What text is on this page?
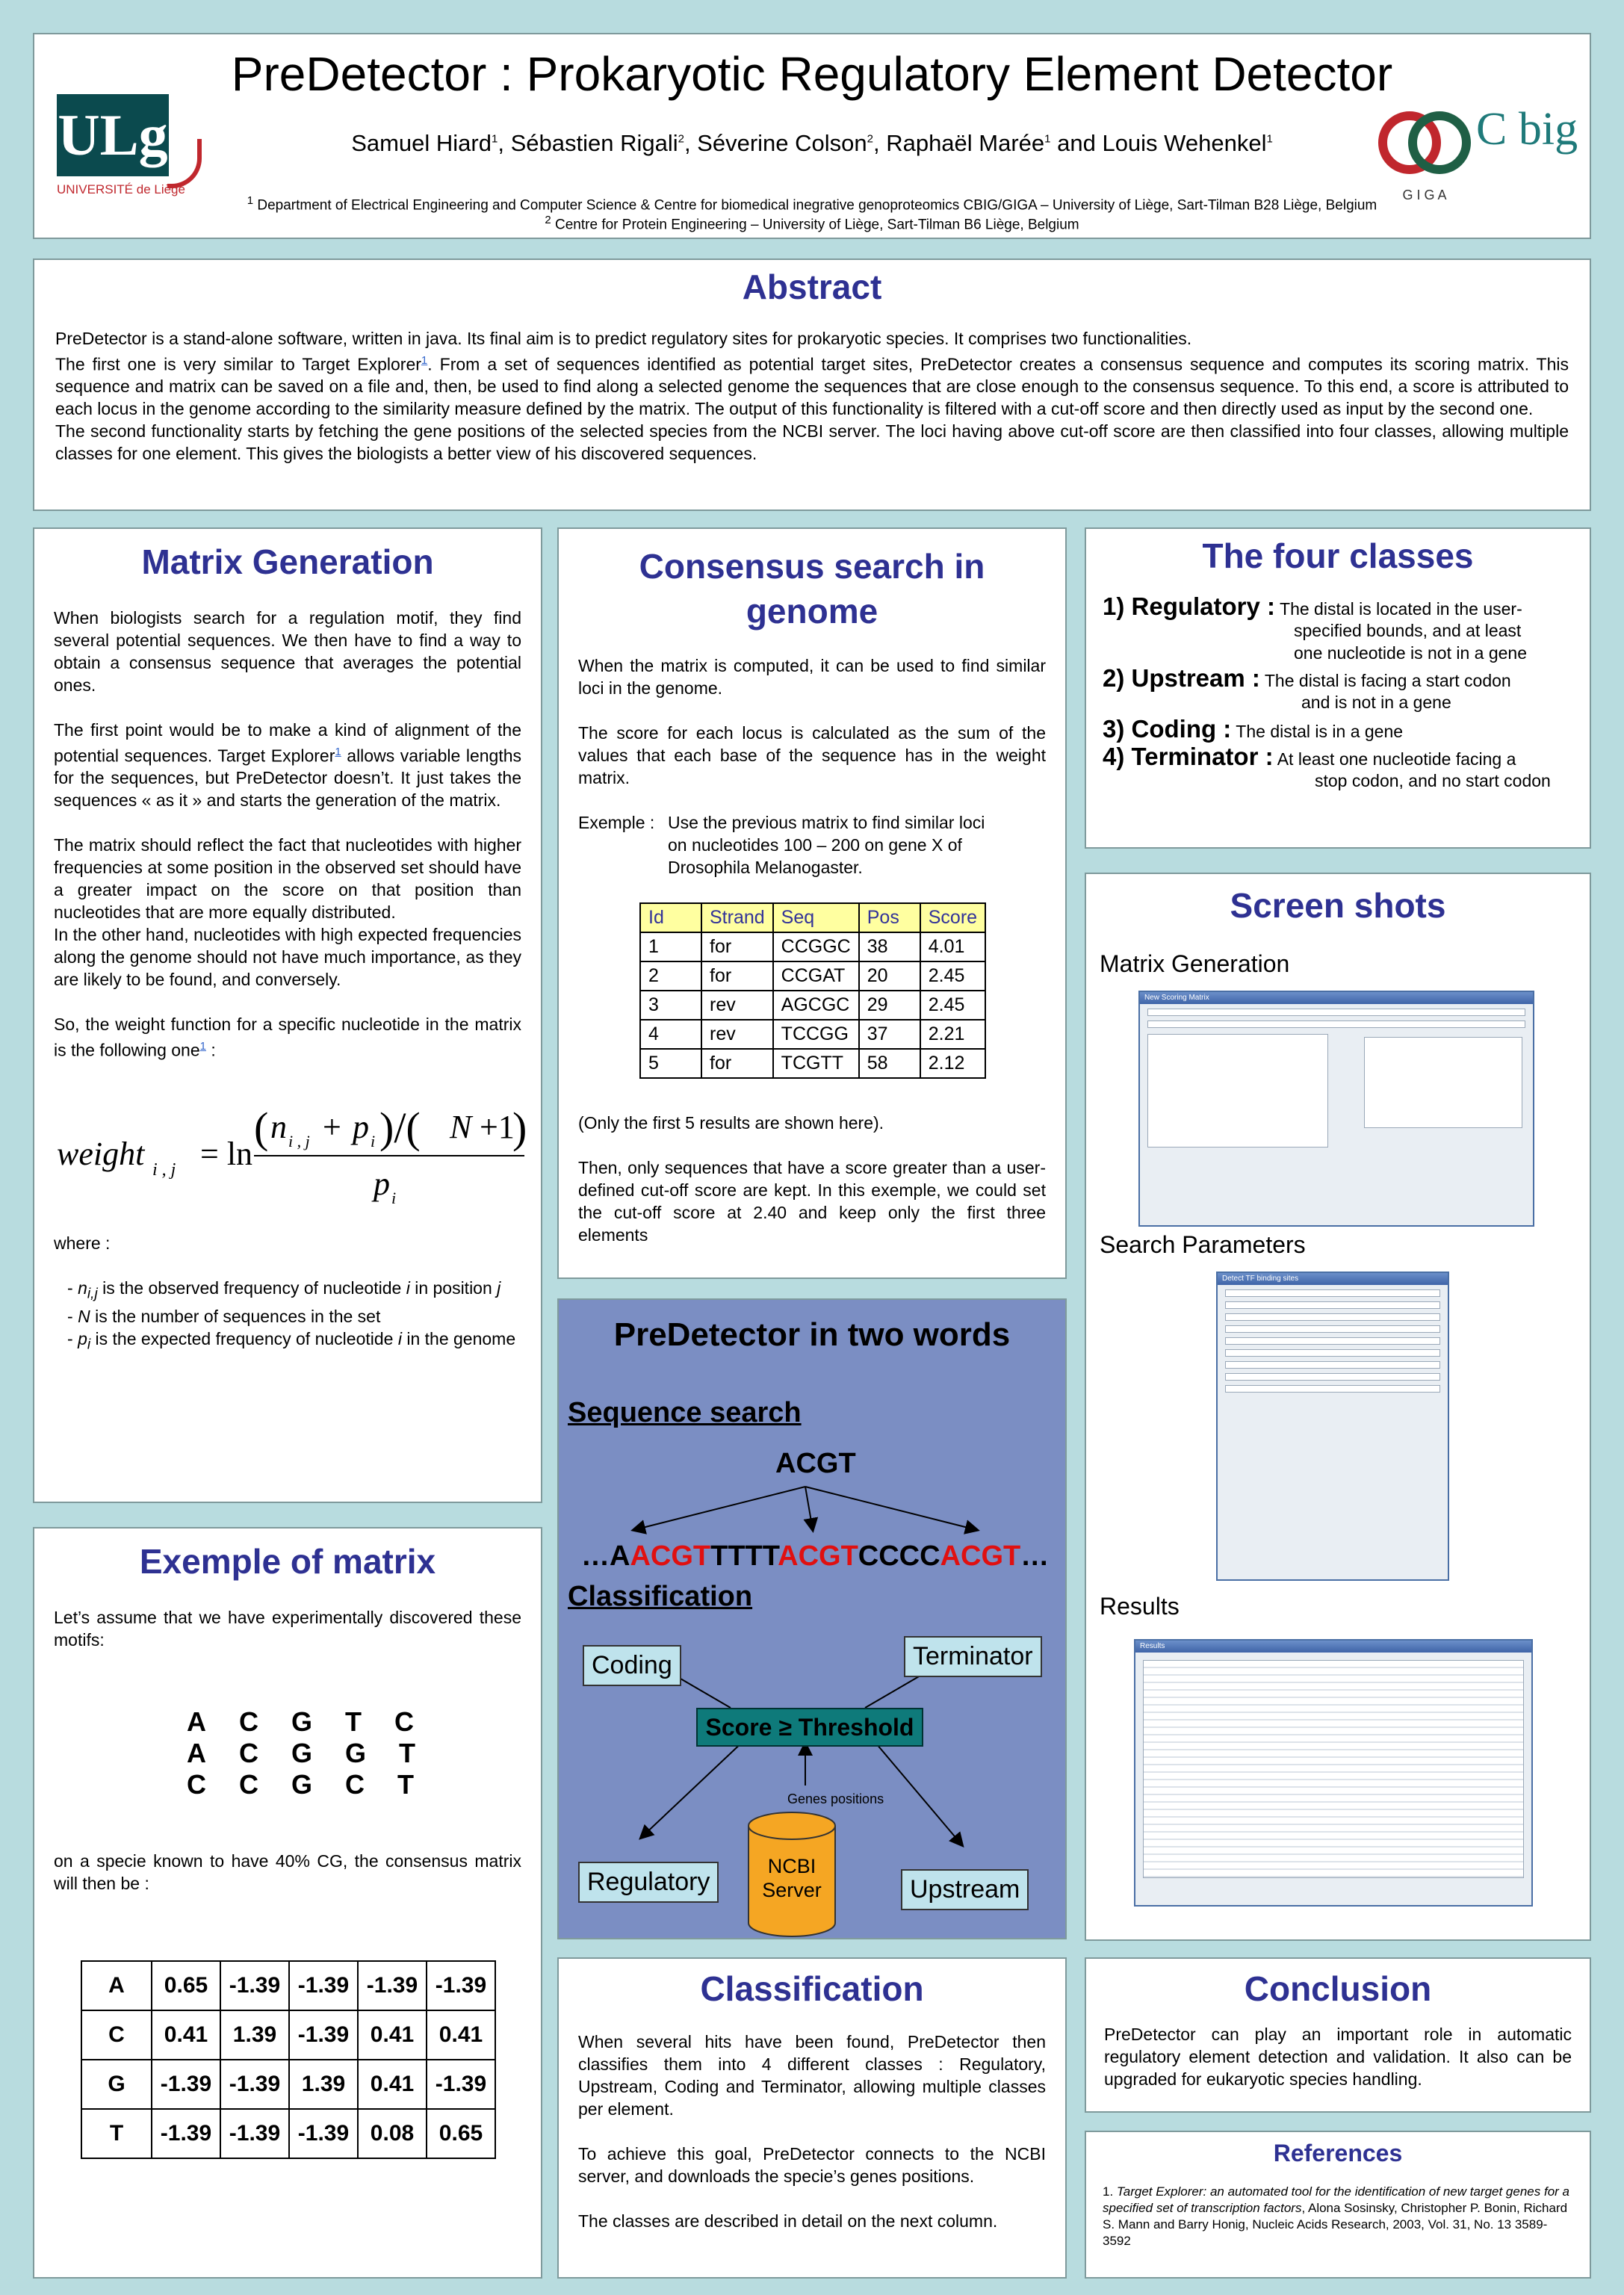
ULg
UNIVERSITÉ de Liège
PreDetector : Prokaryotic Regulatory Element Detector
Samuel Hiard$^1$, Sébastien Rigali$^2$, Séverine Colson$^2$, Raphaël Marée$^1$ and Louis Wehenkel$^1$
$^1$ Department of Electrical Engineering and Computer Science & Centre for biomedical inegrative genoproteomics CBIG/GIGA – University of Liège, Sart-Tilman B28 Liège, Belgium
$^2$ Centre for Protein Engineering – University of Liège, Sart-Tilman B6 Liège, Belgium
G I G A
C big
Abstract

PreDetector is a stand-alone software, written in java. Its final aim is to predict regulatory sites for prokaryotic species. It comprises two functionalities.

The first one is very similar to Target Explorer$^1$. From a set of sequences identified as potential target sites, PreDetector creates a consensus sequence and computes its scoring matrix. This sequence and matrix can be saved on a file and, then, be used to find along a selected genome the sequences that are close enough to the consensus sequence. To this end, a score is attributed to each locus in the genome according to the similarity measure defined by the matrix. The output of this functionality is filtered with a cut-off score and then directly used as input by the second one.

The second functionality starts by fetching the gene positions of the selected species from the NCBI server. The loci having above cut-off score are then classified into four classes, allowing multiple classes for one element. This gives the biologists a better view of his discovered sequences.

Matrix Generation

When biologists search for a regulation motif, they find several potential sequences. We then have to find a way to obtain a consensus sequence that averages the potential ones.

The first point would be to make a kind of alignment of the potential sequences. Target Explorer$^1$ allows variable lengths for the sequences, but PreDetector doesn’t. It just takes the sequences « as it » and starts the generation of the matrix.

The matrix should reflect the fact that nucleotides with higher frequencies at some position in the observed set should have a greater impact on the score on that position than nucleotides that are more equally distributed.

In the other hand, nucleotides with high expected frequencies along the genome should not have much importance, as they are likely to be found, and conversely.

So, the weight function for a specific nucleotide in the matrix is the following one$^1$ :

weight i , j = ln
( n i , j + p i )/( N +1
)
p i

where :

- $n_{i,j}$ is the observed frequency of nucleotide i in position j
- N is the number of sequences in the set
- $p_i$ is the expected frequency of nucleotide i in the genome
Exemple of matrix
Let’s assume that we have experimentally discovered these motifs:
ACGTC
ACGGT
CCGCT
on a specie known to have 40% CG, the consensus matrix will then be :
A	0.65	-1.39	-1.39	-1.39	-1.39
C	0.41	1.39	-1.39	0.41	0.41
G	-1.39	-1.39	1.39	0.41	-1.39
T	-1.39	-1.39	-1.39	0.08	0.65
Consensus search in genome

When the matrix is computed, it can be used to find similar loci in the genome.

The score for each locus is calculated as the sum of the values that each base of the sequence has in the weight matrix.

Exemple : Use the previous matrix to find similar loci
on nucleotides 100 – 200 on gene X of
Drosophila Melanogaster.
Id	Strand	Seq	Pos	Score
1	for	CCGGC	38	4.01
2	for	CCGAT	20	2.45
3	rev	AGCGC	29	2.45
4	rev	TCCGG	37	2.21
5	for	TCGTT	58	2.12

(Only the first 5 results are shown here).

Then, only sequences that have a score greater than a user-defined cut-off score are kept. In this exemple, we could set the cut-off score at 2.40 and keep only the first three elements

PreDetector in two words
Sequence search
ACGT
…AACGTTTTTACGTCCCCACGT…
Classification
Coding	Terminator
Score ≥ Threshold
Genes positions
NCBI Server
Regulatory	Upstream
Classification

When several hits have been found, PreDetector then classifies them into 4 different classes : Regulatory, Upstream, Coding and Terminator, allowing multiple classes per element.

To achieve this goal, PreDetector connects to the NCBI server, and downloads the specie’s genes positions.

The classes are described in detail on the next column.

The four classes
1) Regulatory : The distal is located in the user-
specified bounds, and at least
one nucleotide is not in a gene
2) Upstream : The distal is facing a start codon
and is not in a gene
3) Coding : The distal is in a gene
4) Terminator : At least one nucleotide facing a
stop codon, and no start codon
Screen shots
Matrix Generation
New Scoring Matrix
Search Parameters
Detect TF binding sites
Results
Results
Conclusion
PreDetector can play an important role in automatic regulatory element detection and validation. It also can be upgraded for eukaryotic species handling.
References
1. Target Explorer: an automated tool for the identification of new target genes for a specified set of transcription factors, Alona Sosinsky, Christopher P. Bonin, Richard S. Mann and Barry Honig, Nucleic Acids Research, 2003, Vol. 31, No. 13 3589-3592
